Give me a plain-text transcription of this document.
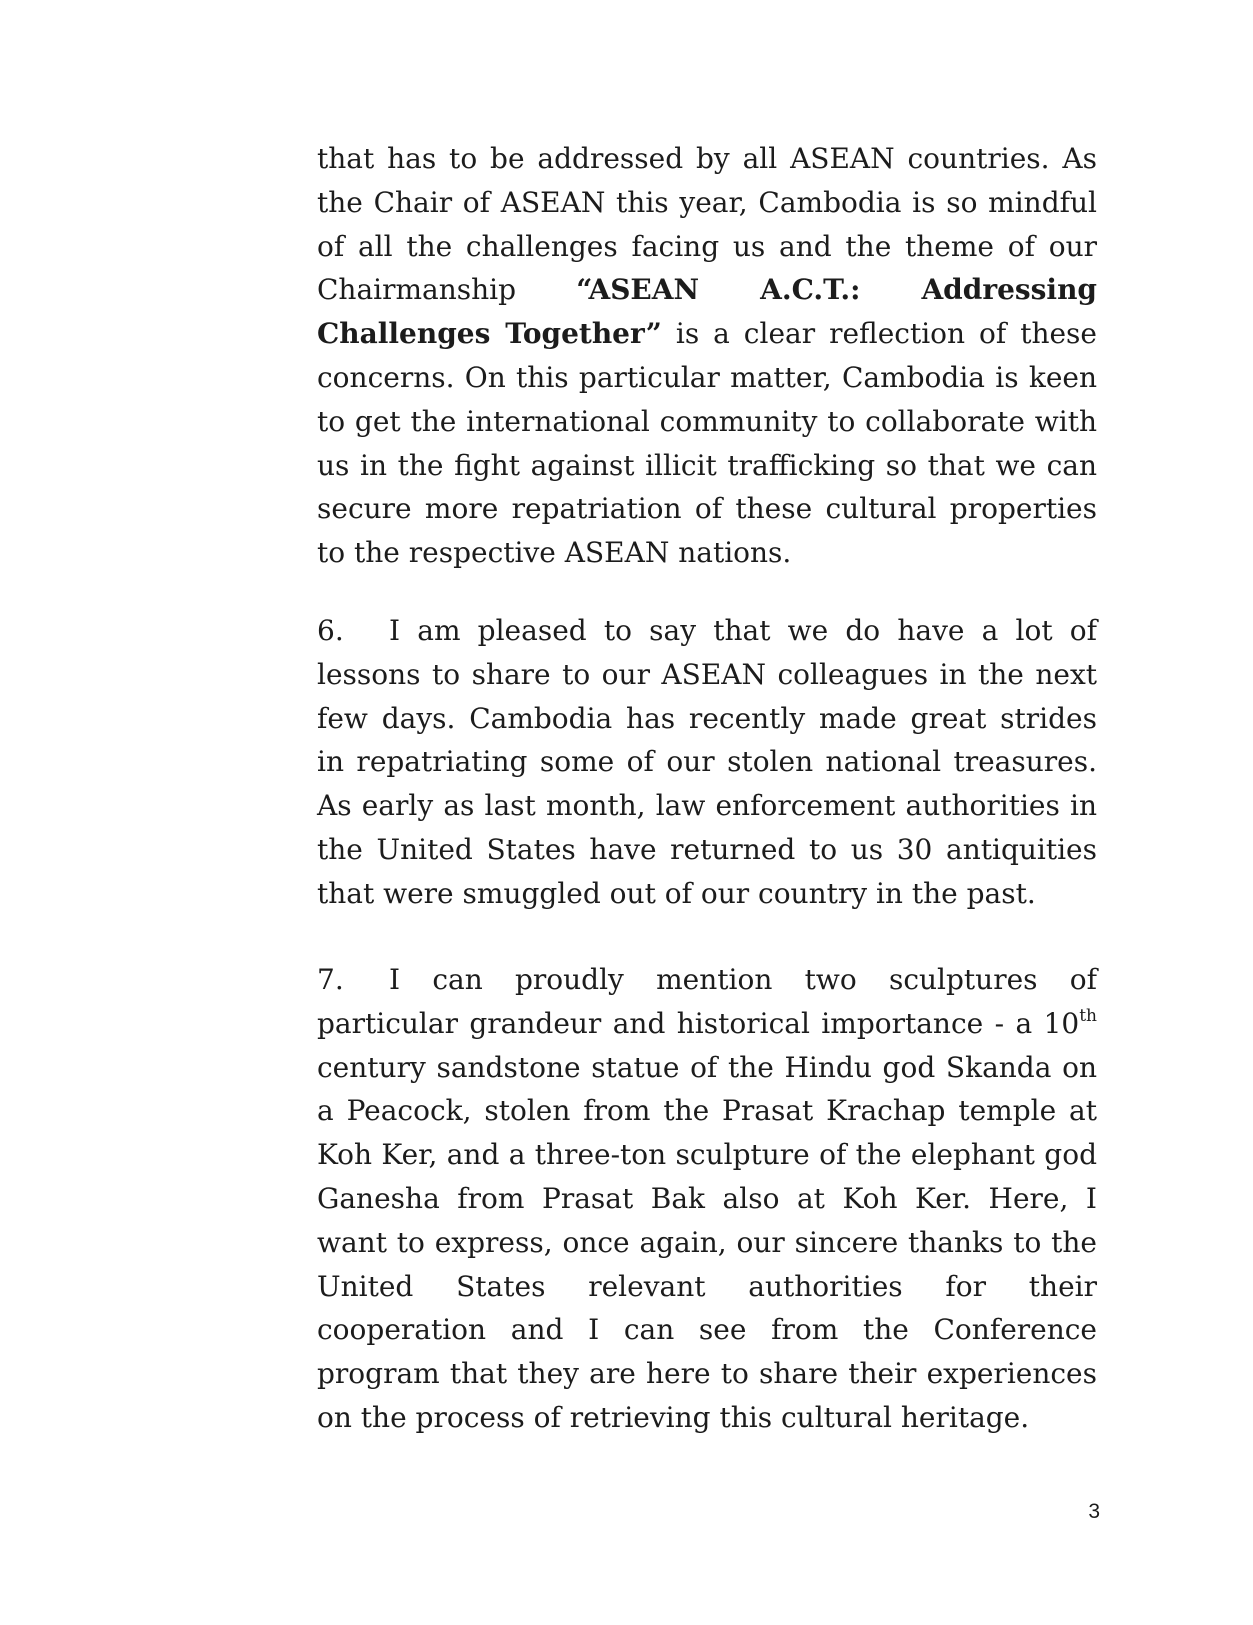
that has to be addressed by all ASEAN countries. As the Chair of ASEAN this year, Cambodia is so mindful of all the challenges facing us and the theme of our Chairmanship “ASEAN A.C.T.: Addressing Challenges Together” is a clear reflection of these concerns. On this particular matter, Cambodia is keen to get the international community to collaborate with us in the fight against illicit trafficking so that we can secure more repatriation of these cultural properties to the respective ASEAN nations.

6. I am pleased to say that we do have a lot of lessons to share to our ASEAN colleagues in the next few days. Cambodia has recently made great strides in repatriating some of our stolen national treasures. As early as last month, law enforcement authorities in the United States have returned to us 30 antiquities that were smuggled out of our country in the past.

7. I can proudly mention two sculptures of particular grandeur and historical importance - a 10th century sandstone statue of the Hindu god Skanda on a Peacock, stolen from the Prasat Krachap temple at Koh Ker, and a three-ton sculpture of the elephant god Ganesha from Prasat Bak also at Koh Ker. Here, I want to express, once again, our sincere thanks to the United States relevant authorities for their cooperation and I can see from the Conference program that they are here to share their experiences on the process of retrieving this cultural heritage.

3
